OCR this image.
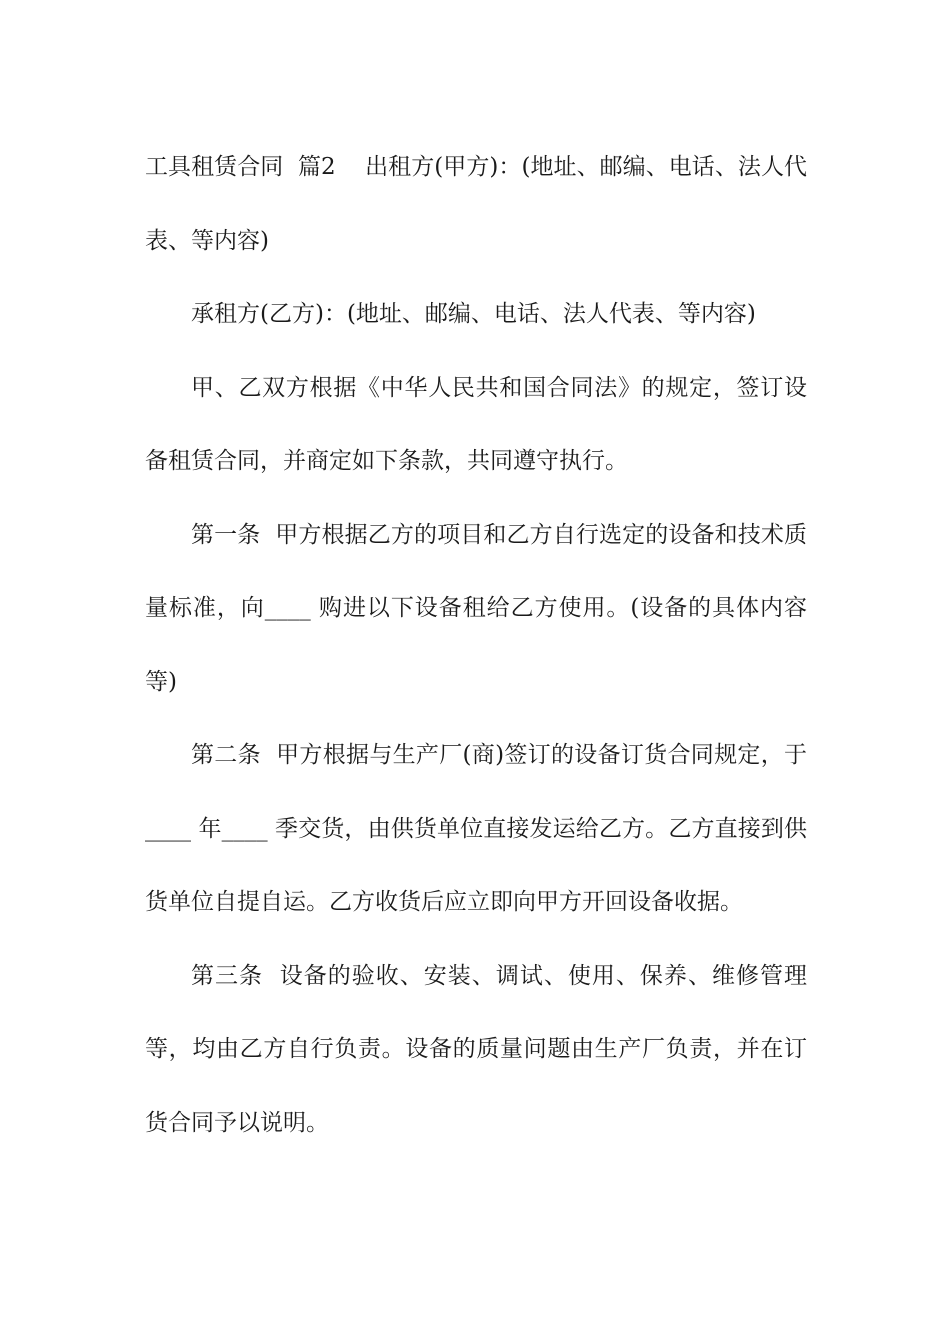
工具租赁合同  篇2    出租方(甲方)：(地址、邮编、电话、法人代表、等内容)

承租方(乙方)：(地址、邮编、电话、法人代表、等内容)

甲、乙双方根据《中华人民共和国合同法》的规定，签订设备租赁合同，并商定如下条款，共同遵守执行。

第一条  甲方根据乙方的项目和乙方自行选定的设备和技术质量标准，向____ 购进以下设备租给乙方使用。(设备的具体内容等)

第二条  甲方根据与生产厂(商)签订的设备订货合同规定，于____ 年____ 季交货，由供货单位直接发运给乙方。乙方直接到供货单位自提自运。乙方收货后应立即向甲方开回设备收据。

第三条  设备的验收、安装、调试、使用、保养、维修管理等，均由乙方自行负责。设备的质量问题由生产厂负责，并在订货合同予以说明。
